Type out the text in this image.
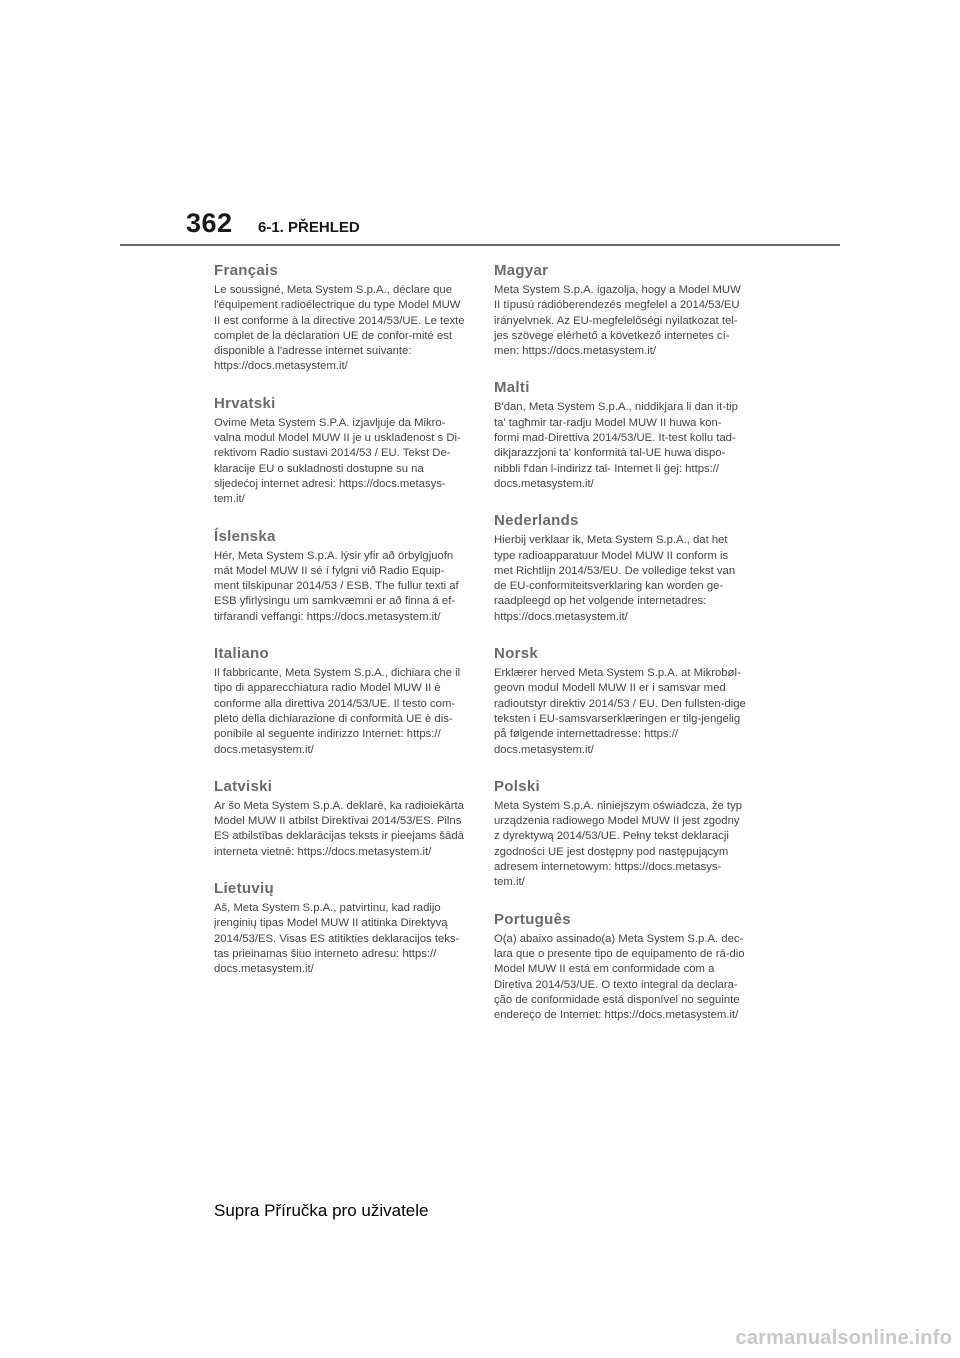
362 6-1. PŘEHLED
Français

Le soussigné, Meta System S.p.A., déclare que l'équipement radioélectrique du type Model MUW II est conforme à la directive 2014/53/UE. Le texte complet de la déclaration UE de confor-mité est disponible à l'adresse internet suivante: https://docs.metasystem.it/

Hrvatski

Ovime Meta System S.P.A. izjavljuje da Mikro-valna modul Model MUW II je u usklađenost s Di-rektivom Radio sustavi 2014/53 / EU. Tekst De-klaracije EU o sukladnosti dostupne su na sljedećoj internet adresi: https://docs.metasys-tem.it/

Íslenska

Hér, Meta System S.p.A. lýsir yfir að örbylgjuofn mát Model MUW II sé í fylgni við Radio Equip-ment tilskipunar 2014/53 / ESB. The fullur texti af ESB yfirlýsingu um samkvæmni er að finna á ef-tirfarandi veffangi: https://docs.metasystem.it/

Italiano

Il fabbricante, Meta System S.p.A., dichiara che il tipo di apparecchiatura radio Model MUW II è conforme alla direttiva 2014/53/UE. Il testo com-pleto della dichiarazione di conformità UE è dis-ponibile al seguente indirizzo Internet: https:// docs.metasystem.it/

Latviski

Ar šo Meta System S.p.A. deklarē, ka radioiekārta Model MUW II atbilst Direktīvai 2014/53/ES. Pilns ES atbilstības deklarācijas teksts ir pieejams šādā interneta vietnē: https://docs.metasystem.it/

Lietuvių

Aš, Meta System S.p.A., patvirtinu, kad radijo įrenginių tipas Model MUW II atitinka Direktyvą 2014/53/ES. Visas ES atitikties deklaracijos teks-tas prieinamas šiuo interneto adresu: https:// docs.metasystem.it/

Magyar

Meta System S.p.A. igazolja, hogy a Model MUW II típusú rádióberendezés megfelel a 2014/53/EU irányelvnek. Az EU-megfelelőségi nyilatkozat tel-jes szövege elérhető a következő internetes cí-men: https://docs.metasystem.it/

Malti

B'dan, Meta System S.p.A., niddikjara li dan it-tip ta' tagħmir tar-radju Model MUW II huwa kon-formi mad-Direttiva 2014/53/UE. It-test kollu tad-dikjarazzjoni ta' konformità tal-UE huwa dispo-nibbli f'dan l-indirizz tal- Internet li ġej: https:// docs.metasystem.it/

Nederlands

Hierbij verklaar ik, Meta System S.p.A., dat het type radioapparatuur Model MUW II conform is met Richtlijn 2014/53/EU. De volledige tekst van de EU-conformiteitsverklaring kan worden ge-raadpleegd op het volgende internetadres: https://docs.metasystem.it/

Norsk

Erklærer herved Meta System S.p.A. at Mikrobøl-geovn modul Modell MUW II er i samsvar med radioutstyr direktiv 2014/53 / EU. Den fullsten-dige teksten i EU-samsvarserklæringen er tilg-jengelig på følgende internettadresse: https:// docs.metasystem.it/

Polski

Meta System S.p.A. niniejszym oświadcza, że typ urządzenia radiowego Model MUW II jest zgodny z dyrektywą 2014/53/UE. Pełny tekst deklaracji zgodności UE jest dostępny pod następującym adresem internetowym: https://docs.metasys-tem.it/

Português

O(a) abaixo assinado(a) Meta System S.p.A. dec-lara que o presente tipo de equipamento de rá-dio Model MUW II está em conformidade com a Diretiva 2014/53/UE. O texto integral da declara-ção de conformidade está disponível no seguinte endereço de Internet: https://docs.metasystem.it/

Supra Příručka pro uživatele
carmanualsonline.info
